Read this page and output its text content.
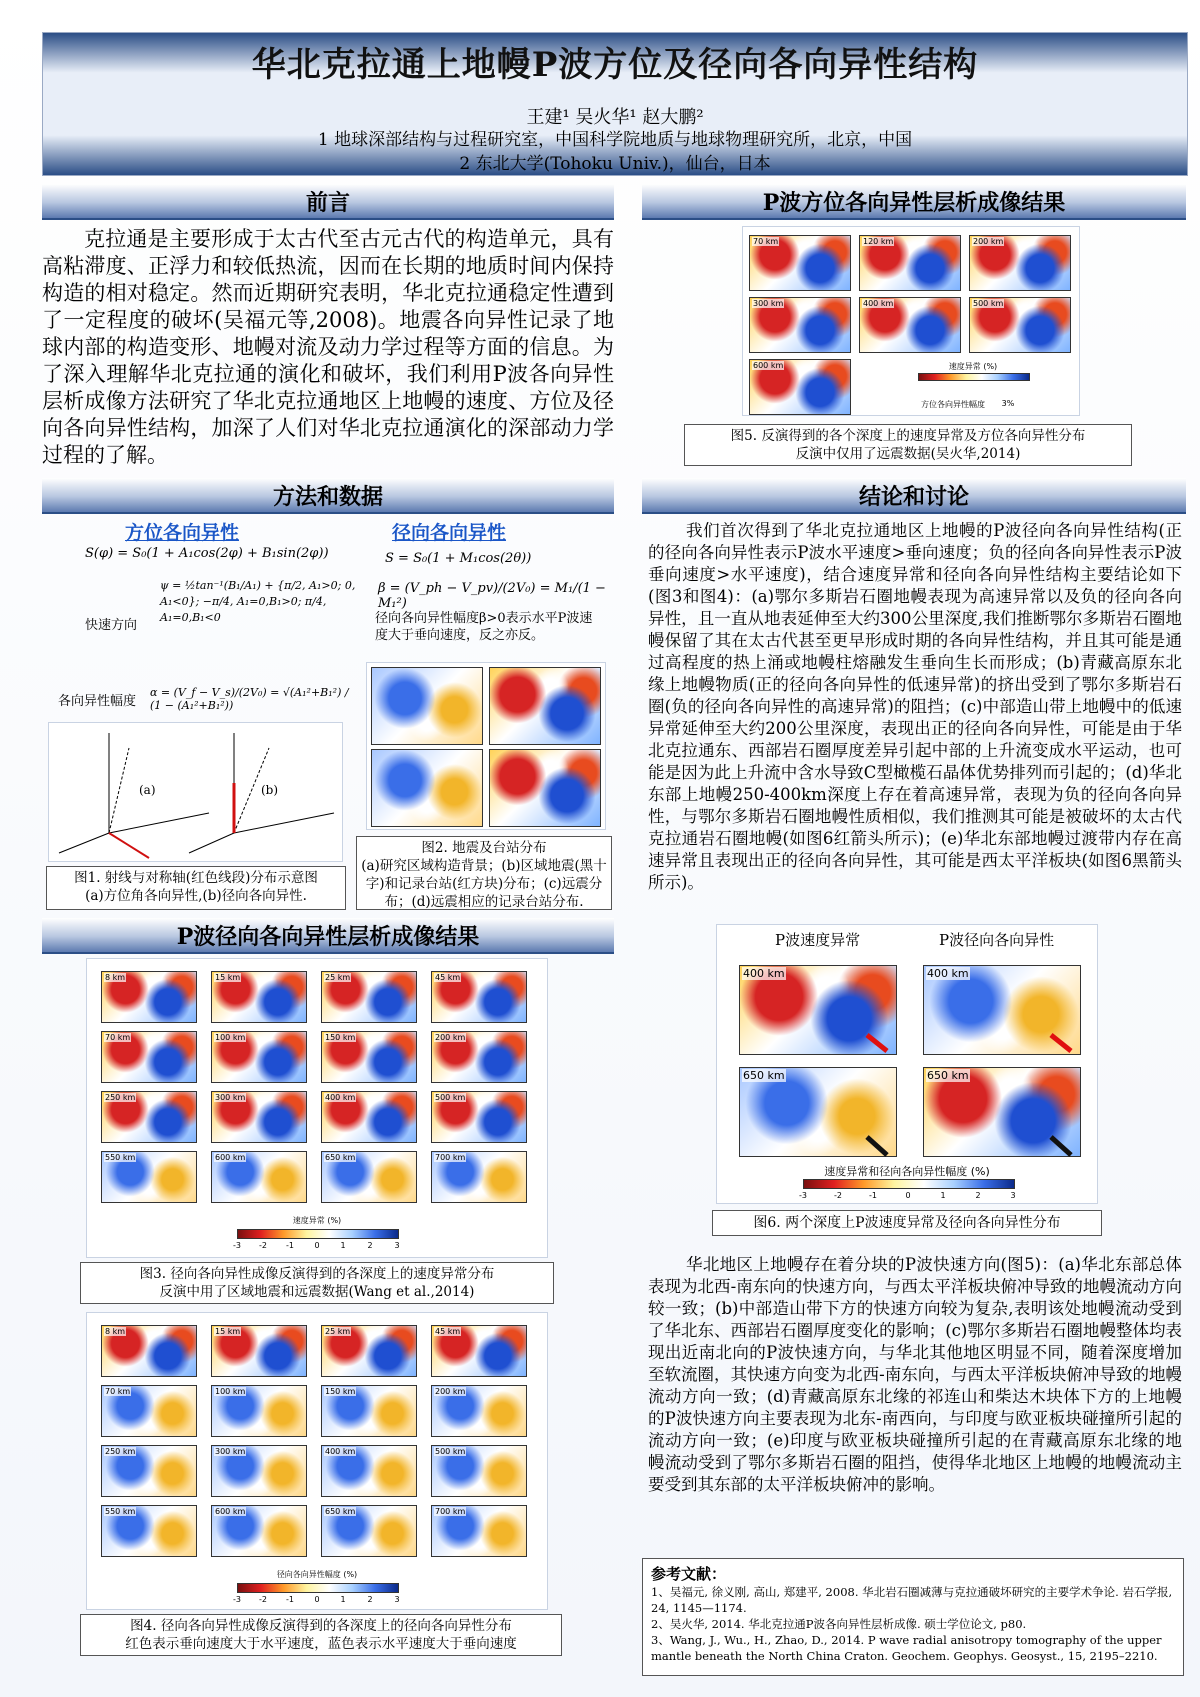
华北克拉通上地幔P波方位及径向各向异性结构
王建¹ 吴火华¹ 赵大鹏²
1 地球深部结构与过程研究室，中国科学院地质与地球物理研究所，北京，中国
2 东北大学(Tohoku Univ.)，仙台，日本
前言
克拉通是主要形成于太古代至古元古代的构造单元，具有高粘滞度、正浮力和较低热流，因而在长期的地质时间内保持构造的相对稳定。然而近期研究表明，华北克拉通稳定性遭到了一定程度的破坏(吴福元等,2008)。地震各向异性记录了地球内部的构造变形、地幔对流及动力学过程等方面的信息。为了深入理解华北克拉通的演化和破坏，我们利用P波各向异性层析成像方法研究了华北克拉通地区上地幔的速度、方位及径向各向异性结构，加深了人们对华北克拉通演化的深部动力学过程的了解。
方法和数据
方位各向异性	径向各向异性
S(φ) = S₀(1 + A₁cos(2φ) + B₁sin(2φ))
快速方向
ψ = ½tan⁻¹(B₁/A₁) + {π/2, A₁>0; 0, A₁<0}; −π/4, A₁=0,B₁>0; π/4, A₁=0,B₁<0
各向异性幅度
α = (V_f − V_s)/(2V₀) = √(A₁²+B₁²) / (1 − (A₁²+B₁²))
S = S₀(1 + M₁cos(2θ))
β = (V_ph − V_pv)/(2V₀) = M₁/(1 − M₁²)
径向各向异性幅度β>0表示水平P波速度大于垂向速度，反之亦反。
(a)	(b)
图1. 射线与对称轴(红色线段)分布示意图
(a)方位角各向异性,(b)径向各向异性.
图2. 地震及台站分布
(a)研究区域构造背景；(b)区域地震(黑十字)和记录台站(红方块)分布；(c)远震分布；(d)远震相应的记录台站分布.
P波径向各向异性层析成像结果
8 km	15 km	25 km	45 km
70 km	100 km	150 km	200 km
250 km	300 km	400 km	500 km
550 km	600 km	650 km	700 km
速度异常 (%)
-3 -2 -1	0	1	2	3
图3. 径向各向异性成像反演得到的各深度上的速度异常分布
反演中用了区域地震和远震数据(Wang et al.,2014)
8 km	15 km	25 km	45 km
70 km	100 km	150 km	200 km
250 km	300 km	400 km	500 km
550 km	600 km	650 km	700 km
径向各向异性幅度 (%)
-3 -2 -1	0	1	2	3
图4. 径向各向异性成像反演得到的各深度上的径向各向异性分布
红色表示垂向速度大于水平速度，蓝色表示水平速度大于垂向速度
P波方位各向异性层析成像结果
70 km	120 km	200 km
300 km	400 km	500 km
600 km	速度异常 (%)
方位各向异性幅度	3%
图5. 反演得到的各个深度上的速度异常及方位各向异性分布
反演中仅用了远震数据(吴火华,2014)
结论和讨论
我们首次得到了华北克拉通地区上地幔的P波径向各向异性结构(正的径向各向异性表示P波水平速度>垂向速度；负的径向各向异性表示P波垂向速度>水平速度)，结合速度异常和径向各向异性结构主要结论如下(图3和图4)：(a)鄂尔多斯岩石圈地幔表现为高速异常以及负的径向各向异性，且一直从地表延伸至大约300公里深度,我们推断鄂尔多斯岩石圈地幔保留了其在太古代甚至更早形成时期的各向异性结构，并且其可能是通过高程度的热上涌或地幔柱熔融发生垂向生长而形成；(b)青藏高原东北缘上地幔物质(正的径向各向异性的低速异常)的挤出受到了鄂尔多斯岩石圈(负的径向各向异性的高速异常)的阻挡；(c)中部造山带上地幔中的低速异常延伸至大约200公里深度，表现出正的径向各向异性，可能是由于华北克拉通东、西部岩石圈厚度差异引起中部的上升流变成水平运动，也可能是因为此上升流中含水导致C型橄榄石晶体优势排列而引起的；(d)华北东部上地幔250-400km深度上存在着高速异常，表现为负的径向各向异性，与鄂尔多斯岩石圈地幔性质相似，我们推测其可能是被破坏的太古代克拉通岩石圈地幔(如图6红箭头所示)；(e)华北东部地幔过渡带内存在高速异常且表现出正的径向各向异性，其可能是西太平洋板块(如图6黑箭头所示)。
P波速度异常	P波径向各向异性
400 km	400 km
650 km	650 km
速度异常和径向各向异性幅度 (%)
-3	-2	-1	0	1	2	3
图6. 两个深度上P波速度异常及径向各向异性分布
华北地区上地幔存在着分块的P波快速方向(图5)：(a)华北东部总体表现为北西-南东向的快速方向，与西太平洋板块俯冲导致的地幔流动方向较一致；(b)中部造山带下方的快速方向较为复杂,表明该处地幔流动受到了华北东、西部岩石圈厚度变化的影响；(c)鄂尔多斯岩石圈地幔整体均表现出近南北向的P波快速方向，与华北其他地区明显不同，随着深度增加至软流圈，其快速方向变为北西-南东向，与西太平洋板块俯冲导致的地幔流动方向一致；(d)青藏高原东北缘的祁连山和柴达木块体下方的上地幔的P波快速方向主要表现为北东-南西向，与印度与欧亚板块碰撞所引起的流动方向一致；(e)印度与欧亚板块碰撞所引起的在青藏高原东北缘的地幔流动受到了鄂尔多斯岩石圈的阻挡，使得华北地区上地幔的地幔流动主要受到其东部的太平洋板块俯冲的影响。
参考文献：
1、吴福元, 徐义刚, 高山, 郑建平, 2008. 华北岩石圈减薄与克拉通破坏研究的主要学术争论. 岩石学报, 24, 1145—1174.
2、吴火华, 2014. 华北克拉通P波各向异性层析成像. 硕士学位论文, p80.
3、Wang, J., Wu., H., Zhao, D., 2014. P wave radial anisotropy tomography of the upper mantle beneath the North China Craton. Geochem. Geophys. Geosyst., 15, 2195–2210.
